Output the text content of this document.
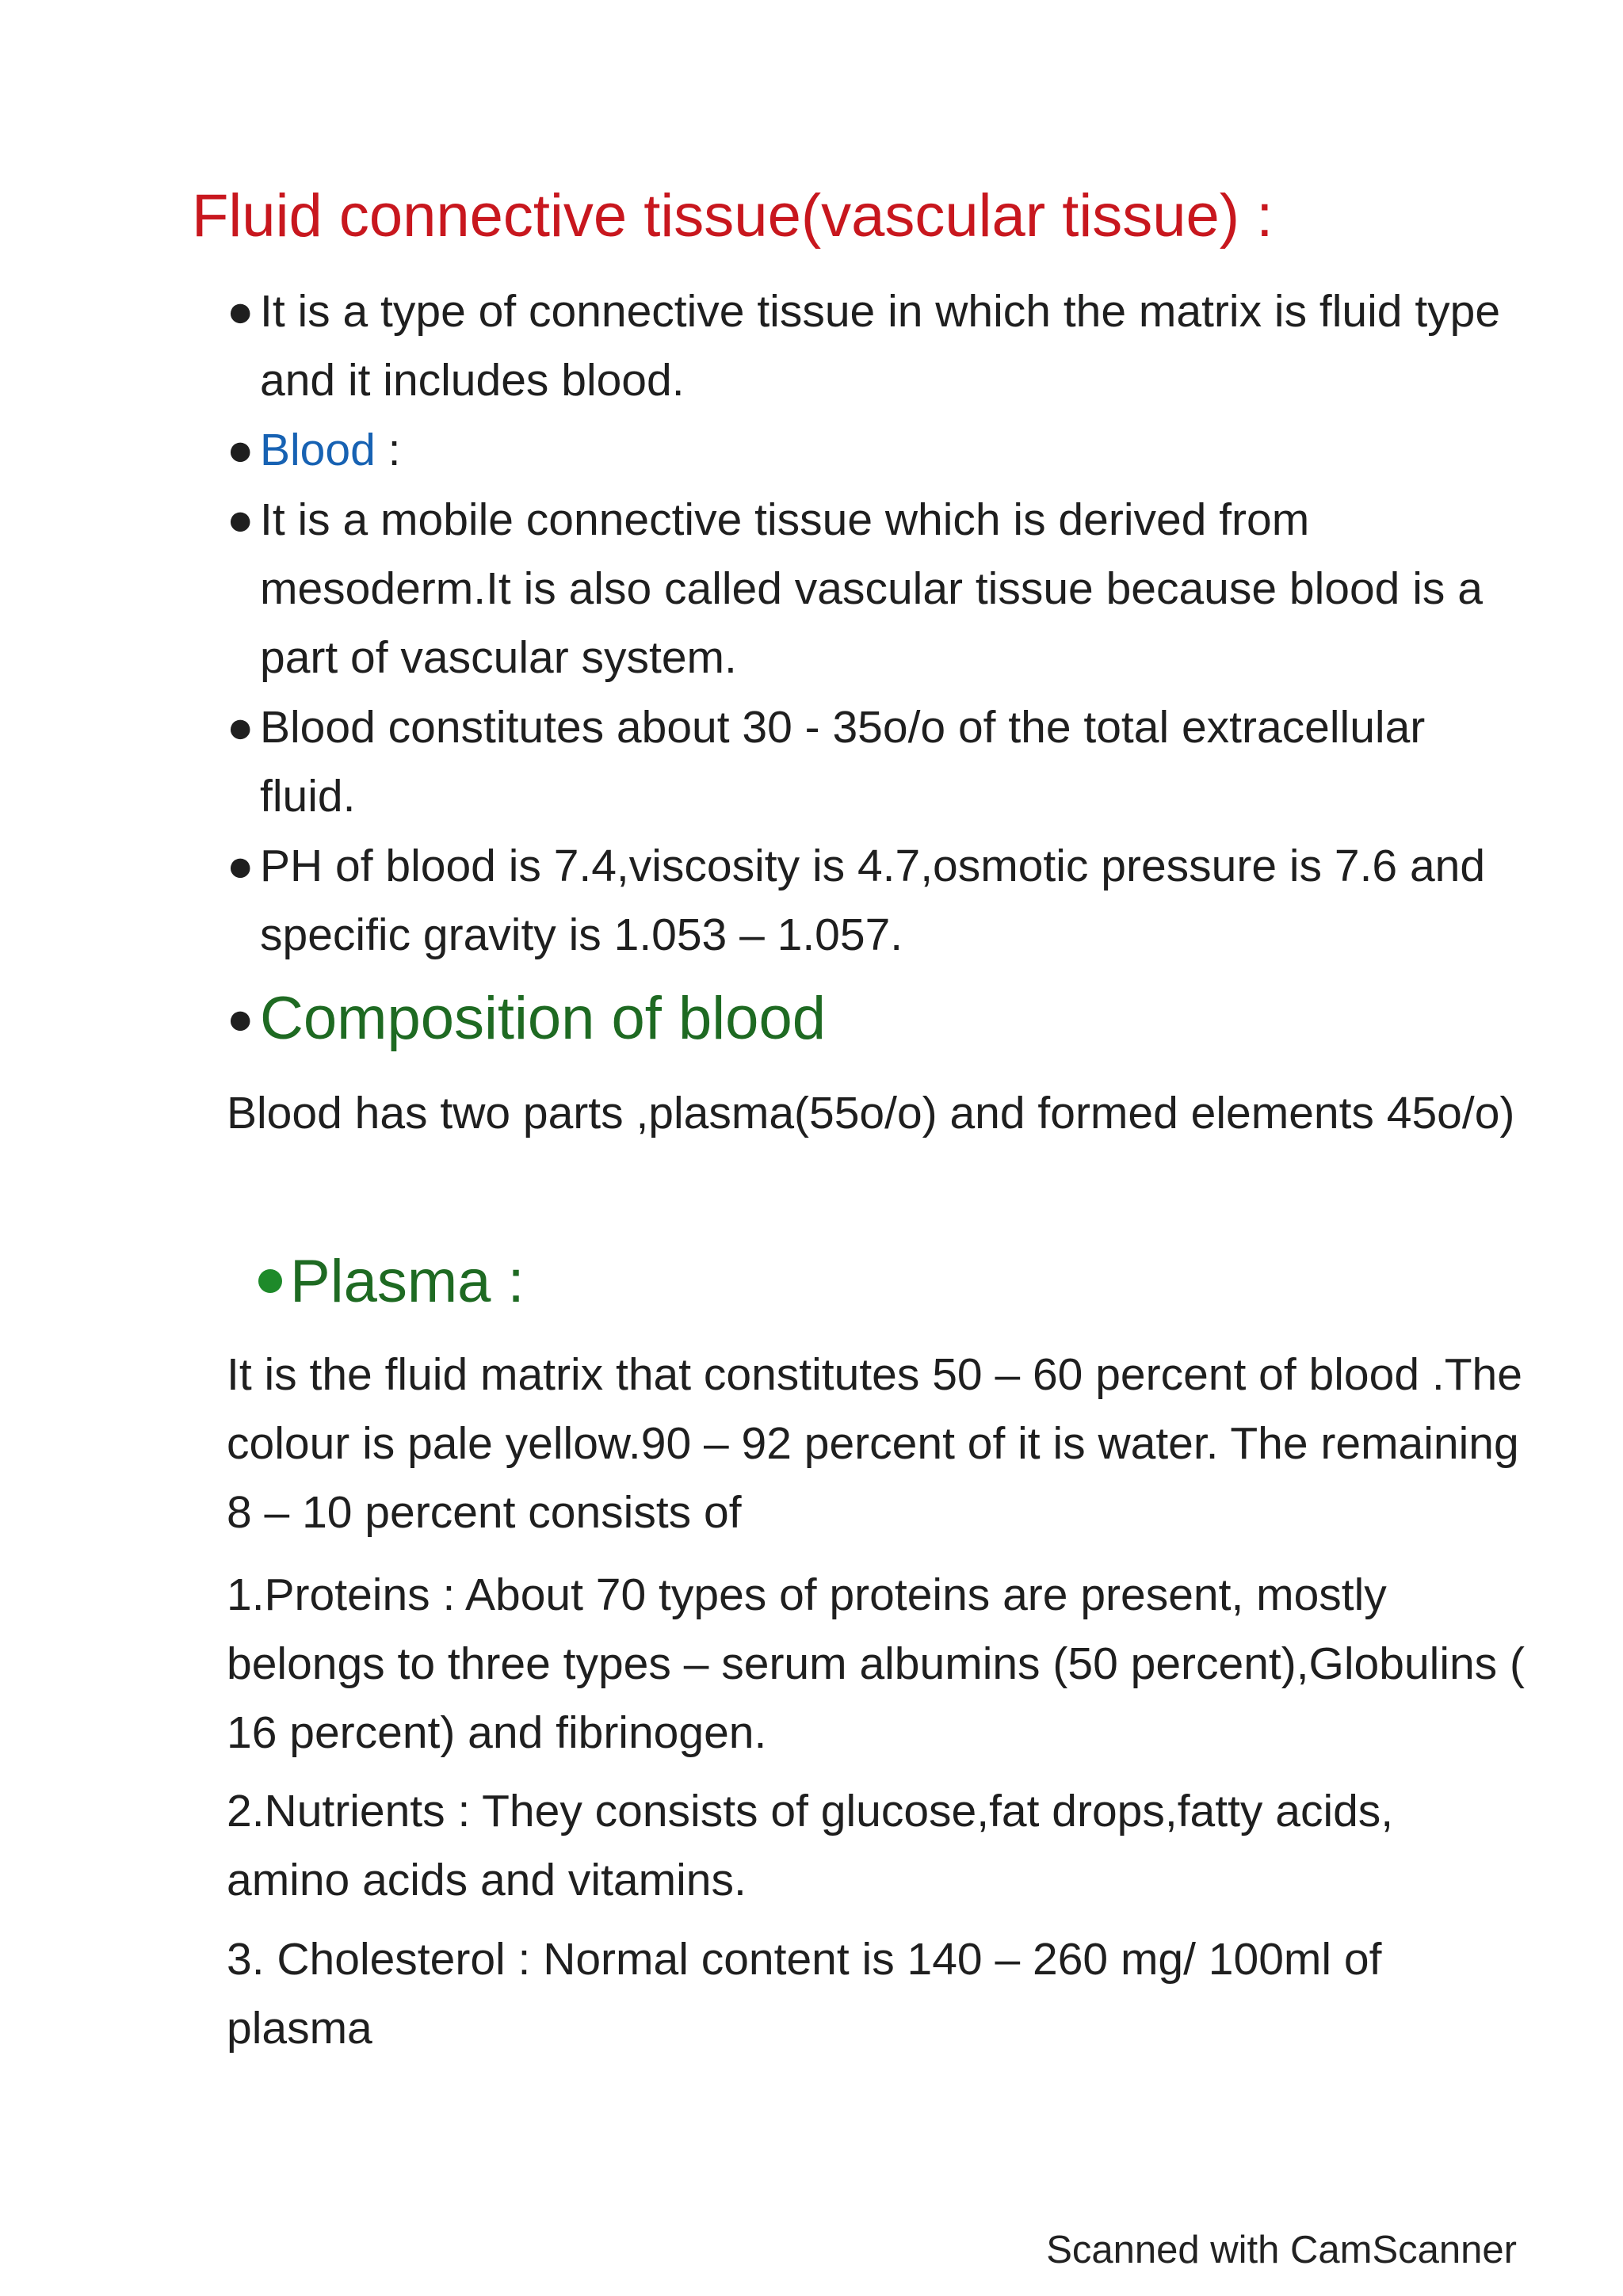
Fluid connective tissue(vascular tissue) :
● It is a type of connective tissue in which the matrix is fluid type and it includes blood.
● Blood :
● It is a mobile connective tissue which is derived from mesoderm.It is also called vascular tissue because blood is a part of vascular system.
● Blood constitutes about 30 - 35o/o of the total extracellular fluid.
● PH of blood is 7.4,viscosity is 4.7,osmotic pressure is 7.6 and specific gravity is 1.053 – 1.057.
● Composition of blood
Blood has two parts ,plasma(55o/o) and formed elements 45o/o)
Plasma :
It is the fluid matrix that constitutes 50 – 60 percent of blood .The colour is pale yellow.90 – 92 percent of it is water. The remaining 8 – 10 percent consists of
1.Proteins : About 70 types of proteins are present, mostly belongs to three types – serum albumins (50 percent),Globulins ( 16 percent) and fibrinogen.
2.Nutrients : They consists of glucose,fat drops,fatty acids, amino acids and vitamins.
3. Cholesterol : Normal content is 140 – 260 mg/ 100ml of plasma
Scanned with CamScanner
